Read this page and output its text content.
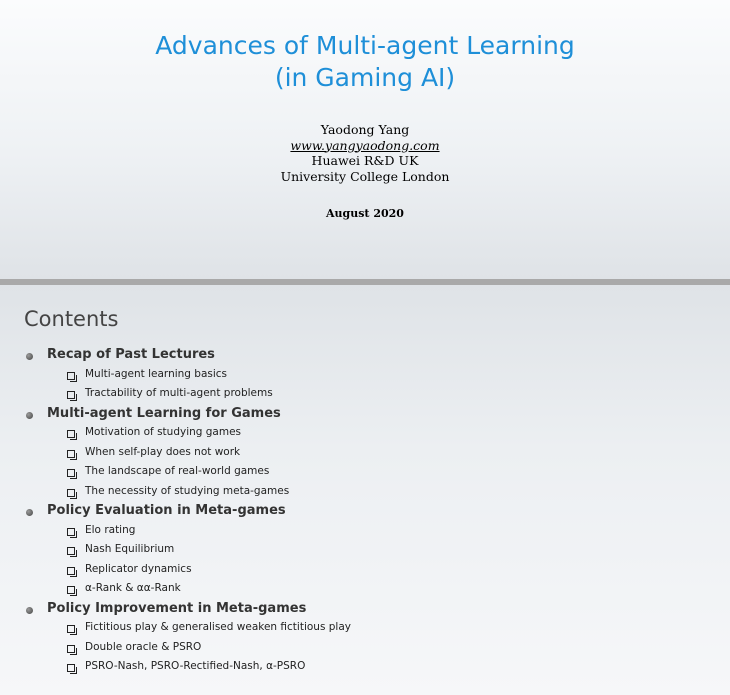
Advances of Multi-agent Learning
(in Gaming AI)
Yaodong Yang
www.yangyaodong.com
Huawei R&D UK
University College London
August 2020
Contents
Recap of Past Lectures
Multi-agent learning basics
Tractability of multi-agent problems
Multi-agent Learning for Games
Motivation of studying games
When self-play does not work
The landscape of real-world games
The necessity of studying meta-games
Policy Evaluation in Meta-games
Elo rating
Nash Equilibrium
Replicator dynamics
α-Rank & αα-Rank
Policy Improvement in Meta-games
Fictitious play & generalised weaken fictitious play
Double oracle & PSRO
PSRO-Nash, PSRO-Rectified-Nash, α-PSRO
